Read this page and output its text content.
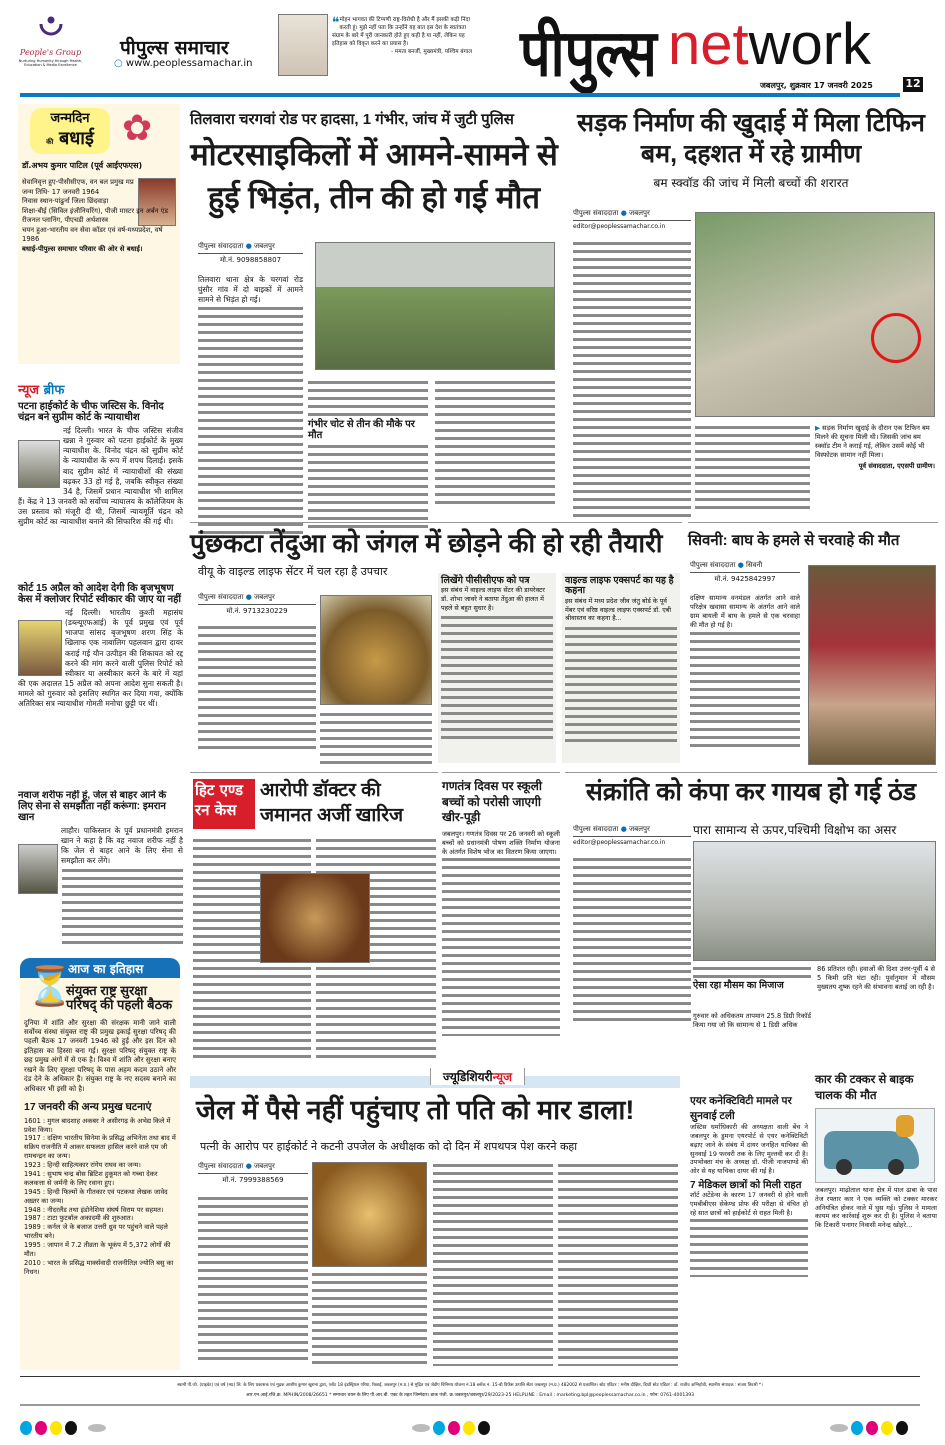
People's Group
Nurturing Humanity through Health, Education & Media Excellence
पीपुल्स समाचार
○ www.peoplessamachar.in
❝ मोहन भागवत की टिप्पणी राष्ट्र-विरोधी है और मैं इसकी कड़ी निंदा करती हूं। मुझे नहीं पता कि उन्होंने यह बात इस देश के स्वतंत्रता संग्राम के बारे में पूरी जानकारी होते हुए कही है या नहीं, लेकिन यह इतिहास को विकृत करने का प्रयास है।
- ममता बनर्जी, मुख्यमंत्री, पश्चिम बंगाल पीपुल्स network
जबलपुर, शुक्रवार 17 जनवरी 2025	12
जन्मदिन
की बधाई ✿
डॉ.अभय कुमार पाटिल (पूर्व आईएफएस)
सेवानिवृत्त हुए-पीसीसीएफ, वन बल प्रमुख मप्र
जन्म तिथि- 17 जनवरी 1964
निवास स्थान-पांढुर्ना जिला छिंदवाड़ा
शिक्षा-बीई (सिविल इंजीनियरिंग), पीजी मास्टर इन अर्बन एंड रीजनल प्लानिंग, पीएचडी अर्थशास्त्र
चयन हुआ-भारतीय वन सेवा कॉडर एवं वर्ष-मध्यप्रदेश, वर्ष 1986
बधाई-पीपुल्स समाचार परिवार की ओर से बधाई।
न्यूज ब्रीफ
पटना हाईकोर्ट के चीफ जस्टिस के. विनोद चंद्रन बने सुप्रीम कोर्ट के न्यायाधीश
नई दिल्ली। भारत के चीफ जस्टिस संजीव खन्ना ने गुरुवार को पटना हाईकोर्ट के मुख्य न्यायाधीश के. विनोद चंद्रन को सुप्रीम कोर्ट के न्यायाधीश के रूप में शपथ दिलाई। इसके बाद सुप्रीम कोर्ट में न्यायाधीशों की संख्या बढ़कर 33 हो गई है, जबकि स्वीकृत संख्या 34 है, जिसमें प्रधान न्यायाधीश भी शामिल हैं। केंद्र ने 13 जनवरी को सर्वोच्च न्यायालय के कॉलेजियम के उस प्रस्ताव को मंजूरी दी थी, जिसमें न्यायमूर्ति चंद्रन को सुप्रीम कोर्ट का न्यायाधीश बनाने की सिफारिश की गई थी।
कोर्ट 15 अप्रैल को आदेश देगी कि बृजभूषण केस में क्लोजर रिपोर्ट स्वीकार की जाए या नहीं
नई दिल्ली। भारतीय कुश्ती महासंघ (डब्ल्यूएफआई) के पूर्व प्रमुख एवं पूर्व भाजपा सांसद बृजभूषण शरण सिंह के खिलाफ एक नाबालिग पहलवान द्वारा दायर कराई गई यौन उत्पीड़न की शिकायत को रद्द करने की मांग करने वाली पुलिस रिपोर्ट को स्वीकार या अस्वीकार करने के बारे में यहां की एक अदालत 15 अप्रैल को अपना आदेश सुना सकती है। मामले को गुरुवार को इसलिए स्थगित कर दिया गया, क्योंकि अतिरिक्त सत्र न्यायाधीश गोमती मनोचा छुट्टी पर थीं।
नवाज शरीफ नहीं हूं, जेल से बाहर आने के लिए सेना से समझौता नहीं करूंगा: इमरान खान
लाहौर। पाकिस्तान के पूर्व प्रधानमंत्री इमरान खान ने कहा है कि वह नवाज शरीफ नहीं है कि जेल से बाहर आने के लिए सेना से समझौता कर लेंगे।
आज का इतिहास
⏳
संयुक्त राष्ट्र सुरक्षा परिषद् की पहली बैठक
दुनिया में शांति और सुरक्षा की संरक्षक मानी जाने वाली सर्वोच्च संस्था संयुक्त राष्ट्र की प्रमुख इकाई सुरक्षा परिषद् की पहली बैठक 17 जनवरी 1946 को हुई और इस दिन को इतिहास का हिस्सा बना गई। सुरक्षा परिषद् संयुक्त राष्ट्र के छह प्रमुख अंगों में से एक है। विश्व में शांति और सुरक्षा बनाए रखने के लिए सुरक्षा परिषद् के पास अहम कदम उठाने और दंड देने के अधिकार हैं। संयुक्त राष्ट्र के नए सदस्य बनाने का अधिकार भी इसी को है।
17 जनवरी की अन्य प्रमुख घटनाएं
1601 : मुगल बादशाह अकबर ने असीरगढ़ के अभेद्य किले में प्रवेश किया।
1917 : दक्षिण भारतीय सिनेमा के प्रसिद्ध अभिनेता तथा बाद में सक्रिय राजनीति में आकर सफलता हासिल करने वाले एम जी रामचन्द्रन का जन्म।
1923 : हिन्दी साहित्यकार रांगेय राघव का जन्म।
1941 : सुभाष चन्द्र बोस ब्रिटिश हुकूमत को गच्चा देकर कलकत्ता से जर्मनी के लिए रवाना हुए।
1945 : हिन्दी फिल्मों के गीतकार एवं पटकथा लेखक जावेद अख़्तर का जन्म।
1948 : नीदरलैंड तथा इंडोनेशिया संघर्ष विराम पर सहमत।
1987 : टाटा फुटबॉल अकादमी की शुरुआत।
1989 : कर्नल जे के बजाज उत्तरी ध्रुव पर पहुंचने वाले पहले भारतीय बने।
1995 : जापान में 7.2 तीव्रता के भूकंप में 5,372 लोगों की मौत।
2010 : भारत के प्रसिद्ध मार्क्सवादी राजनीतिज्ञ ज्योति बसु का निधन।
तिलवारा चरगवां रोड पर हादसा, 1 गंभीर, जांच में जुटी पुलिस
मोटरसाइकिलों में आमने-सामने से हुई भिड़ंत, तीन की हो गई मौत
पीपुल्स संवाददाता ● जबलपुर
मो.नं. 9098858807
तिलवारा थाना क्षेत्र के चरगवां रोड घुंसौर गांव में दो बाइकों में आमने सामने से भिड़ंत हो गई।
गंभीर चोट से तीन की मौके पर मौत
सड़क निर्माण की खुदाई में मिला टिफिन बम, दहशत में रहे ग्रामीण
बम स्क्वॉड की जांच में मिली बच्चों की शरारत
पीपुल्स संवाददाता ● जबलपुर
editor@peoplessamachar.co.in
▶ सड़क निर्माण खुदाई के दौरान एक टिफिन बम मिलने की सूचना मिली थी। जिसकी जांच बम स्क्वॉड टीम ने कराई गई, लेकिन उसमें कोई भी विस्फोटक सामान नहीं मिला।
पूर्व संवाददाता, एएसपी ग्रामीण।
पुंछकटा तेंदुआ को जंगल में छोड़ने की हो रही तैयारी
वीयू के वाइल्ड लाइफ सेंटर में चल रहा है उपचार
पीपुल्स संवाददाता ● जबलपुर
मो.नं. 9713230229
लिखेंगे पीसीसीएफ को पत्र
इस संबंध में वाइल्ड लाइफ सेंटर की डायरेक्टर डॉ. शोभा जावरे ने बताया तेंदुआ की हालत में पहले से बहुत सुधार है।
वाइल्ड लाइफ एक्सपर्ट का यह है कहना
इस संबंध में मध्य प्रदेश जीव जंतु बोर्ड के पूर्व मेंबर एवं वरिष्ठ वाइल्ड लाइफ एक्सपर्ट डॉ. एबी श्रीवास्तव का कहना है...
सिवनी: बाघ के हमले से चरवाहे की मौत
पीपुल्स संवाददाता ● सिवनी
मो.नं. 9425842997
दक्षिण सामान्य वनमंडल अंतर्गत आने वाले परिक्षेत्र खवासा सामान्य के अंतर्गत आने वाले ग्राम बायली में बाघ के हमले से एक चरवाहा की मौत हो गई है।
हिट एण्ड रन केस
आरोपी डॉक्टर की जमानत अर्जी खारिज
गणतंत्र दिवस पर स्कूली बच्चों को परोसी जाएगी खीर-पूड़ी
जबलपुर। गणतंत्र दिवस पर 26 जनवरी को स्कूली बच्चों को प्रधानमंत्री पोषण शक्ति निर्माण योजना के अंतर्गत विशेष भोज का वितरण किया जाएगा।
संक्रांति को कंपा कर गायब हो गई ठंड
पीपुल्स संवाददाता ● जबलपुर
editor@peoplessamachar.co.in
पारा सामान्य से ऊपर,पश्चिमी विक्षोभ का असर
ऐसा रहा मौसम का मिजाज
86 प्रतिशत रही। हवाओं की दिशा उत्तर-पूर्वी 4 से 5 किमी प्रति घंटा रही। पूर्वानुमान में मौसम मुख्यतय शुष्क रहने की संभावना बताई जा रही है।
गुरुवार को अधिकतम तापमान 25.8 डिग्री रिकॉर्ड किया गया जो कि सामान्य से 1 डिग्री अधिक
ज्यूडिशियरीन्यूज
जेल में पैसे नहीं पहुंचाए तो पति को मार डाला!
पत्नी के आरोप पर हाईकोर्ट ने कटनी उपजेल के अधीक्षक को दो दिन में शपथपत्र पेश करने कहा
पीपुल्स संवाददाता ● जबलपुर
मो.नं. 7999388569
एयर कनेक्टिविटी मामले पर सुनवाई टली
जस्टिस धर्माधिकारी की अध्यक्षता वाली बेंच ने जबलपुर के डुमना एयरपोर्ट से एयर कनेक्टिविटी बढ़ाए जाने के संबंध में दायर जनहित याचिका की सुनवाई 19 फरवरी तक के लिए मुल्तवी कर दी है। उपभोक्ता मंच के अध्यक्ष डॉ. पीजी नाजपाण्डे की ओर से यह याचिका दायर की गई है।
7 मेडिकल छात्रों को मिली राहत
शॉर्ट अटेंडेन्स के कारण 17 जनवरी से होने वाली एमबीबीएस सेकेण्ड प्रोफ की परीक्षा से वंचित हो रहे सात छात्रों को हाईकोर्ट से राहत मिली है।
कार की टक्कर से बाइक चालक की मौत
जबलपुर। माढ़ोताल थाना क्षेत्र में पाल ढाबा के पास तेज रफ्तार कार ने एक व्यक्ति को टक्कर मारकर अनियंत्रित होकर नाले में घुस गई। पुलिस ने मामला कायम कर कार्रवाई शुरू कर दी है। पुलिस ने बताया कि टिकारी पनागर निवासी मनेन्द्र खोहरे...
स्वामी पी.जी. (प्राइवेट) एवं वर्ष (मप्र) लि. के लिए प्रकाशक एवं मुद्रक आशीष कुमार खुराना द्वारा, प्लॉट 18 इंडस्ट्रियल एरिया, रिछाई, जबलपुर (म.प्र.) से मुद्रित एवं जेडीए विनिमय योजना नं.18 ब्लॉक नं. 15-बी डिफेंस उत्पत्ति सेंटर जबलपुर (म.प्र.) 482002 से प्रकाशित। स्टेट एडिटर : मनीष दीक्षित, डिप्टी स्टेट एडिटर : डॉ. राजीव अग्निहोत्री, स्थानीय संपादक : संजय तिवारी *।
आर.एन.आई.रजि.क्र. MPHIN/2008/26651 * समाचार चयन के लिए पी.आर.बी. एक्ट के तहत जिम्मेदार। डाक पंजी. क्र.जबलपुर/जबलपुर/29/2023-25 HELPLINE : Email : marketing.bpl@peoplessamachar.co.in , फोन: 0761-4001393
